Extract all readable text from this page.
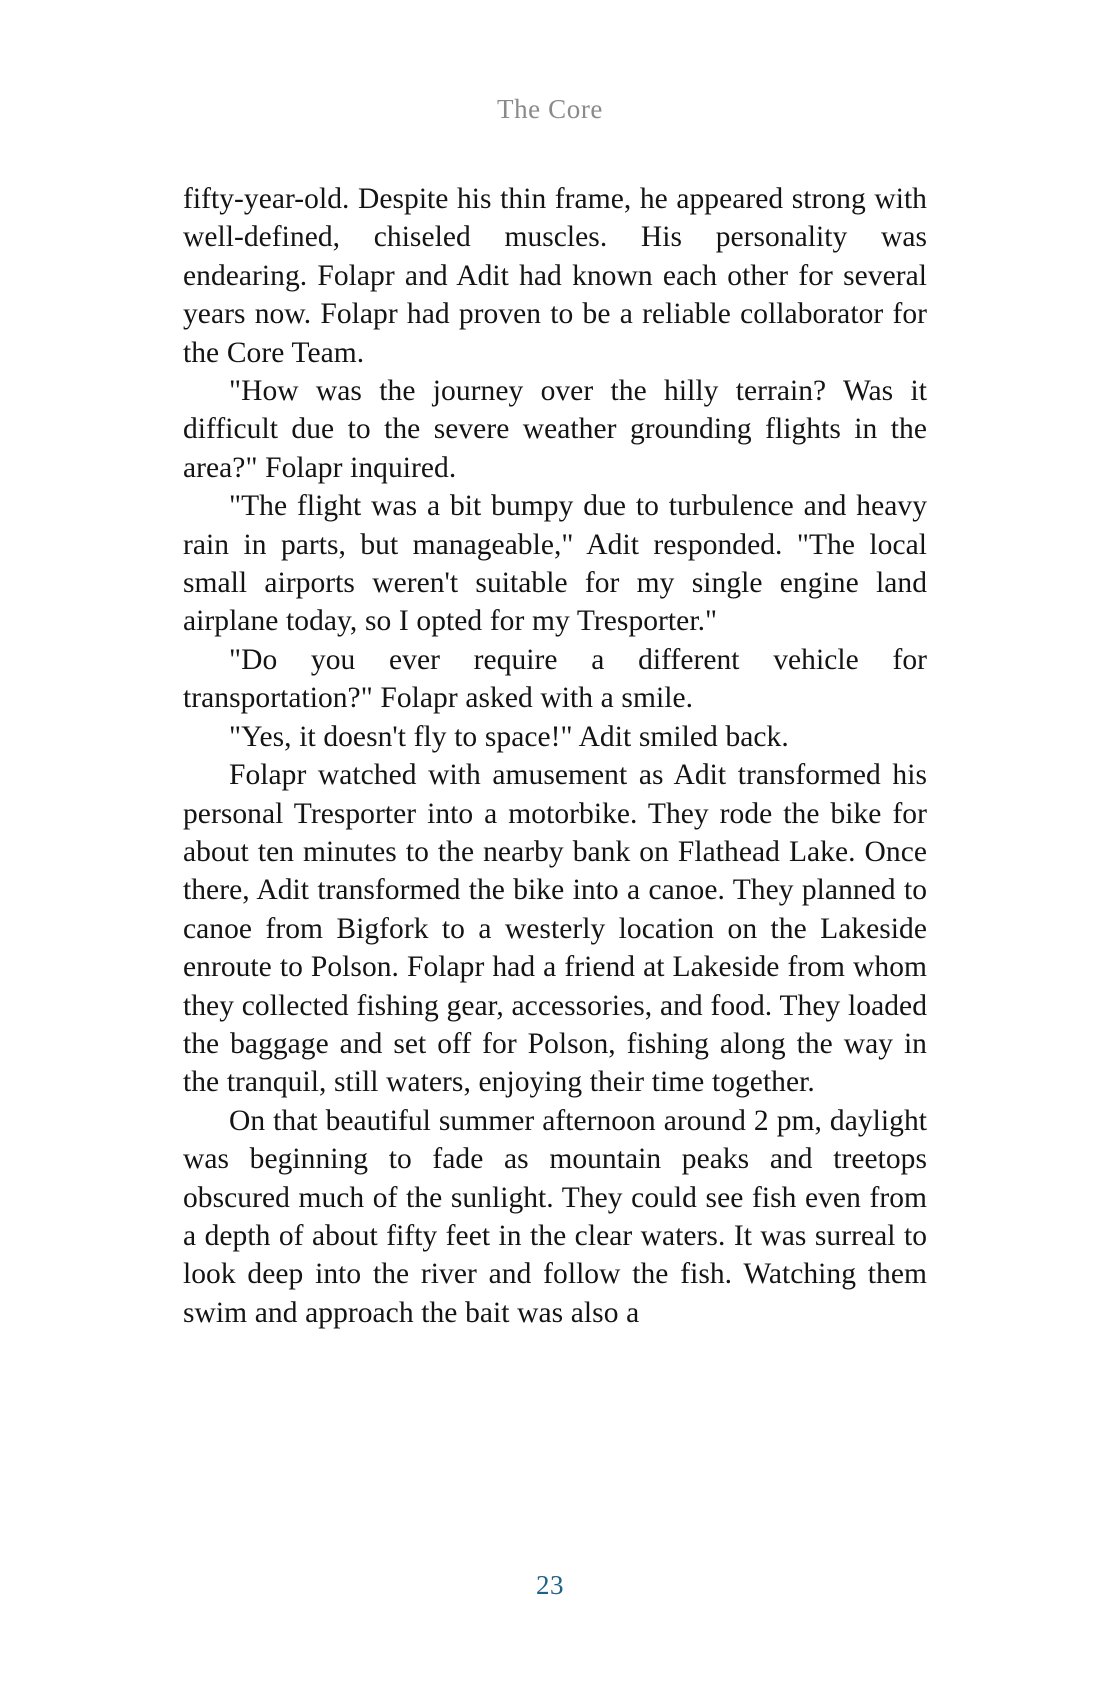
The Core

fifty-year-old. Despite his thin frame, he appeared strong with well-defined, chiseled muscles. His personality was endearing. Folapr and Adit had known each other for several years now. Folapr had proven to be a reliable collaborator for the Core Team.

"How was the journey over the hilly terrain? Was it difficult due to the severe weather grounding flights in the area?" Folapr inquired.

"The flight was a bit bumpy due to turbulence and heavy rain in parts, but manageable," Adit responded. "The local small airports weren't suitable for my single engine land airplane today, so I opted for my Tresporter."

"Do you ever require a different vehicle for transportation?" Folapr asked with a smile.

"Yes, it doesn't fly to space!" Adit smiled back.

Folapr watched with amusement as Adit transformed his personal Tresporter into a motorbike. They rode the bike for about ten minutes to the nearby bank on Flathead Lake. Once there, Adit transformed the bike into a canoe. They planned to canoe from Bigfork to a westerly location on the Lakeside enroute to Polson. Folapr had a friend at Lakeside from whom they collected fishing gear, accessories, and food. They loaded the baggage and set off for Polson, fishing along the way in the tranquil, still waters, enjoying their time together.

On that beautiful summer afternoon around 2 pm, daylight was beginning to fade as mountain peaks and treetops obscured much of the sunlight. They could see fish even from a depth of about fifty feet in the clear waters. It was surreal to look deep into the river and follow the fish. Watching them swim and approach the bait was also a

23
